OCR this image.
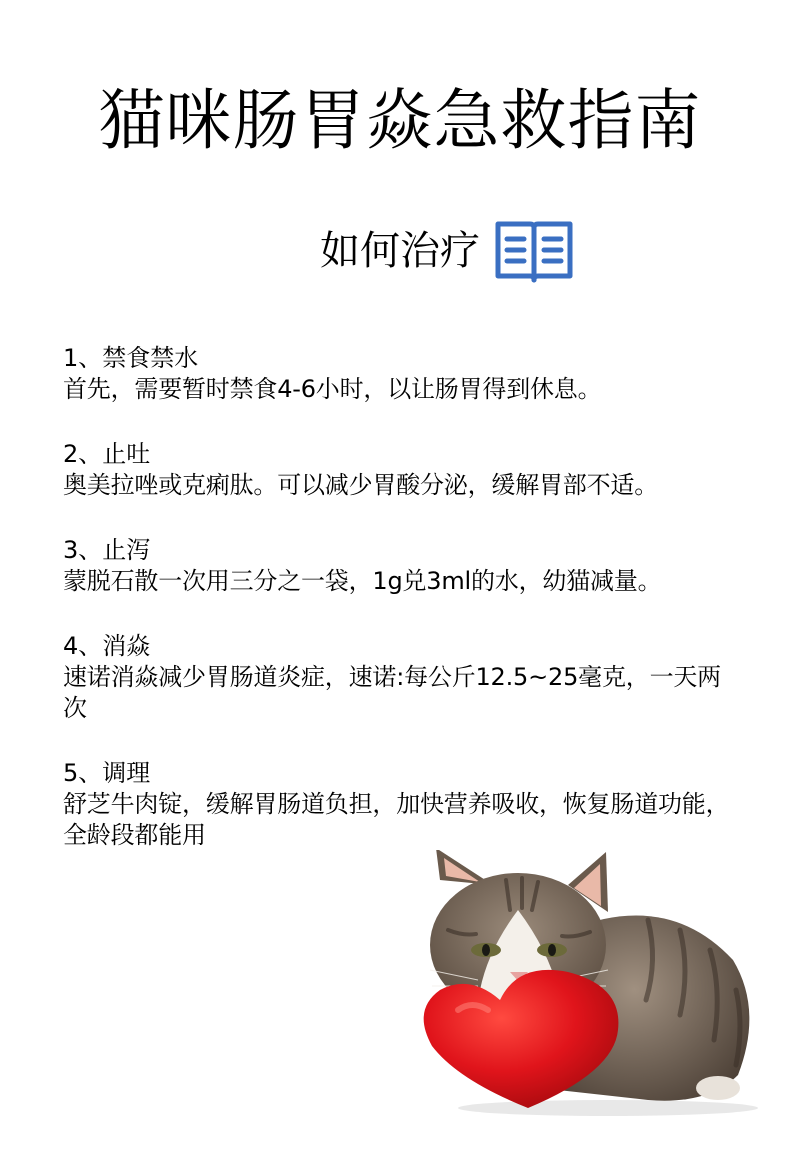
猫咪肠胃焱急救指南
如何治疗
1、禁食禁水
首先，需要暂时禁食4-6小时，以让肠胃得到休息。
2、止吐
奥美拉唑或克痢肽。可以减少胃酸分泌，缓解胃部不适。
3、止泻
蒙脱石散一次用三分之一袋，1g兑3ml的水，幼猫减量。
4、消焱
速诺消焱减少胃肠道炎症，速诺:每公斤12.5~25毫克，一天两次
5、调理
舒芝牛肉锭，缓解胃肠道负担，加快营养吸收，恢复肠道功能，全龄段都能用
